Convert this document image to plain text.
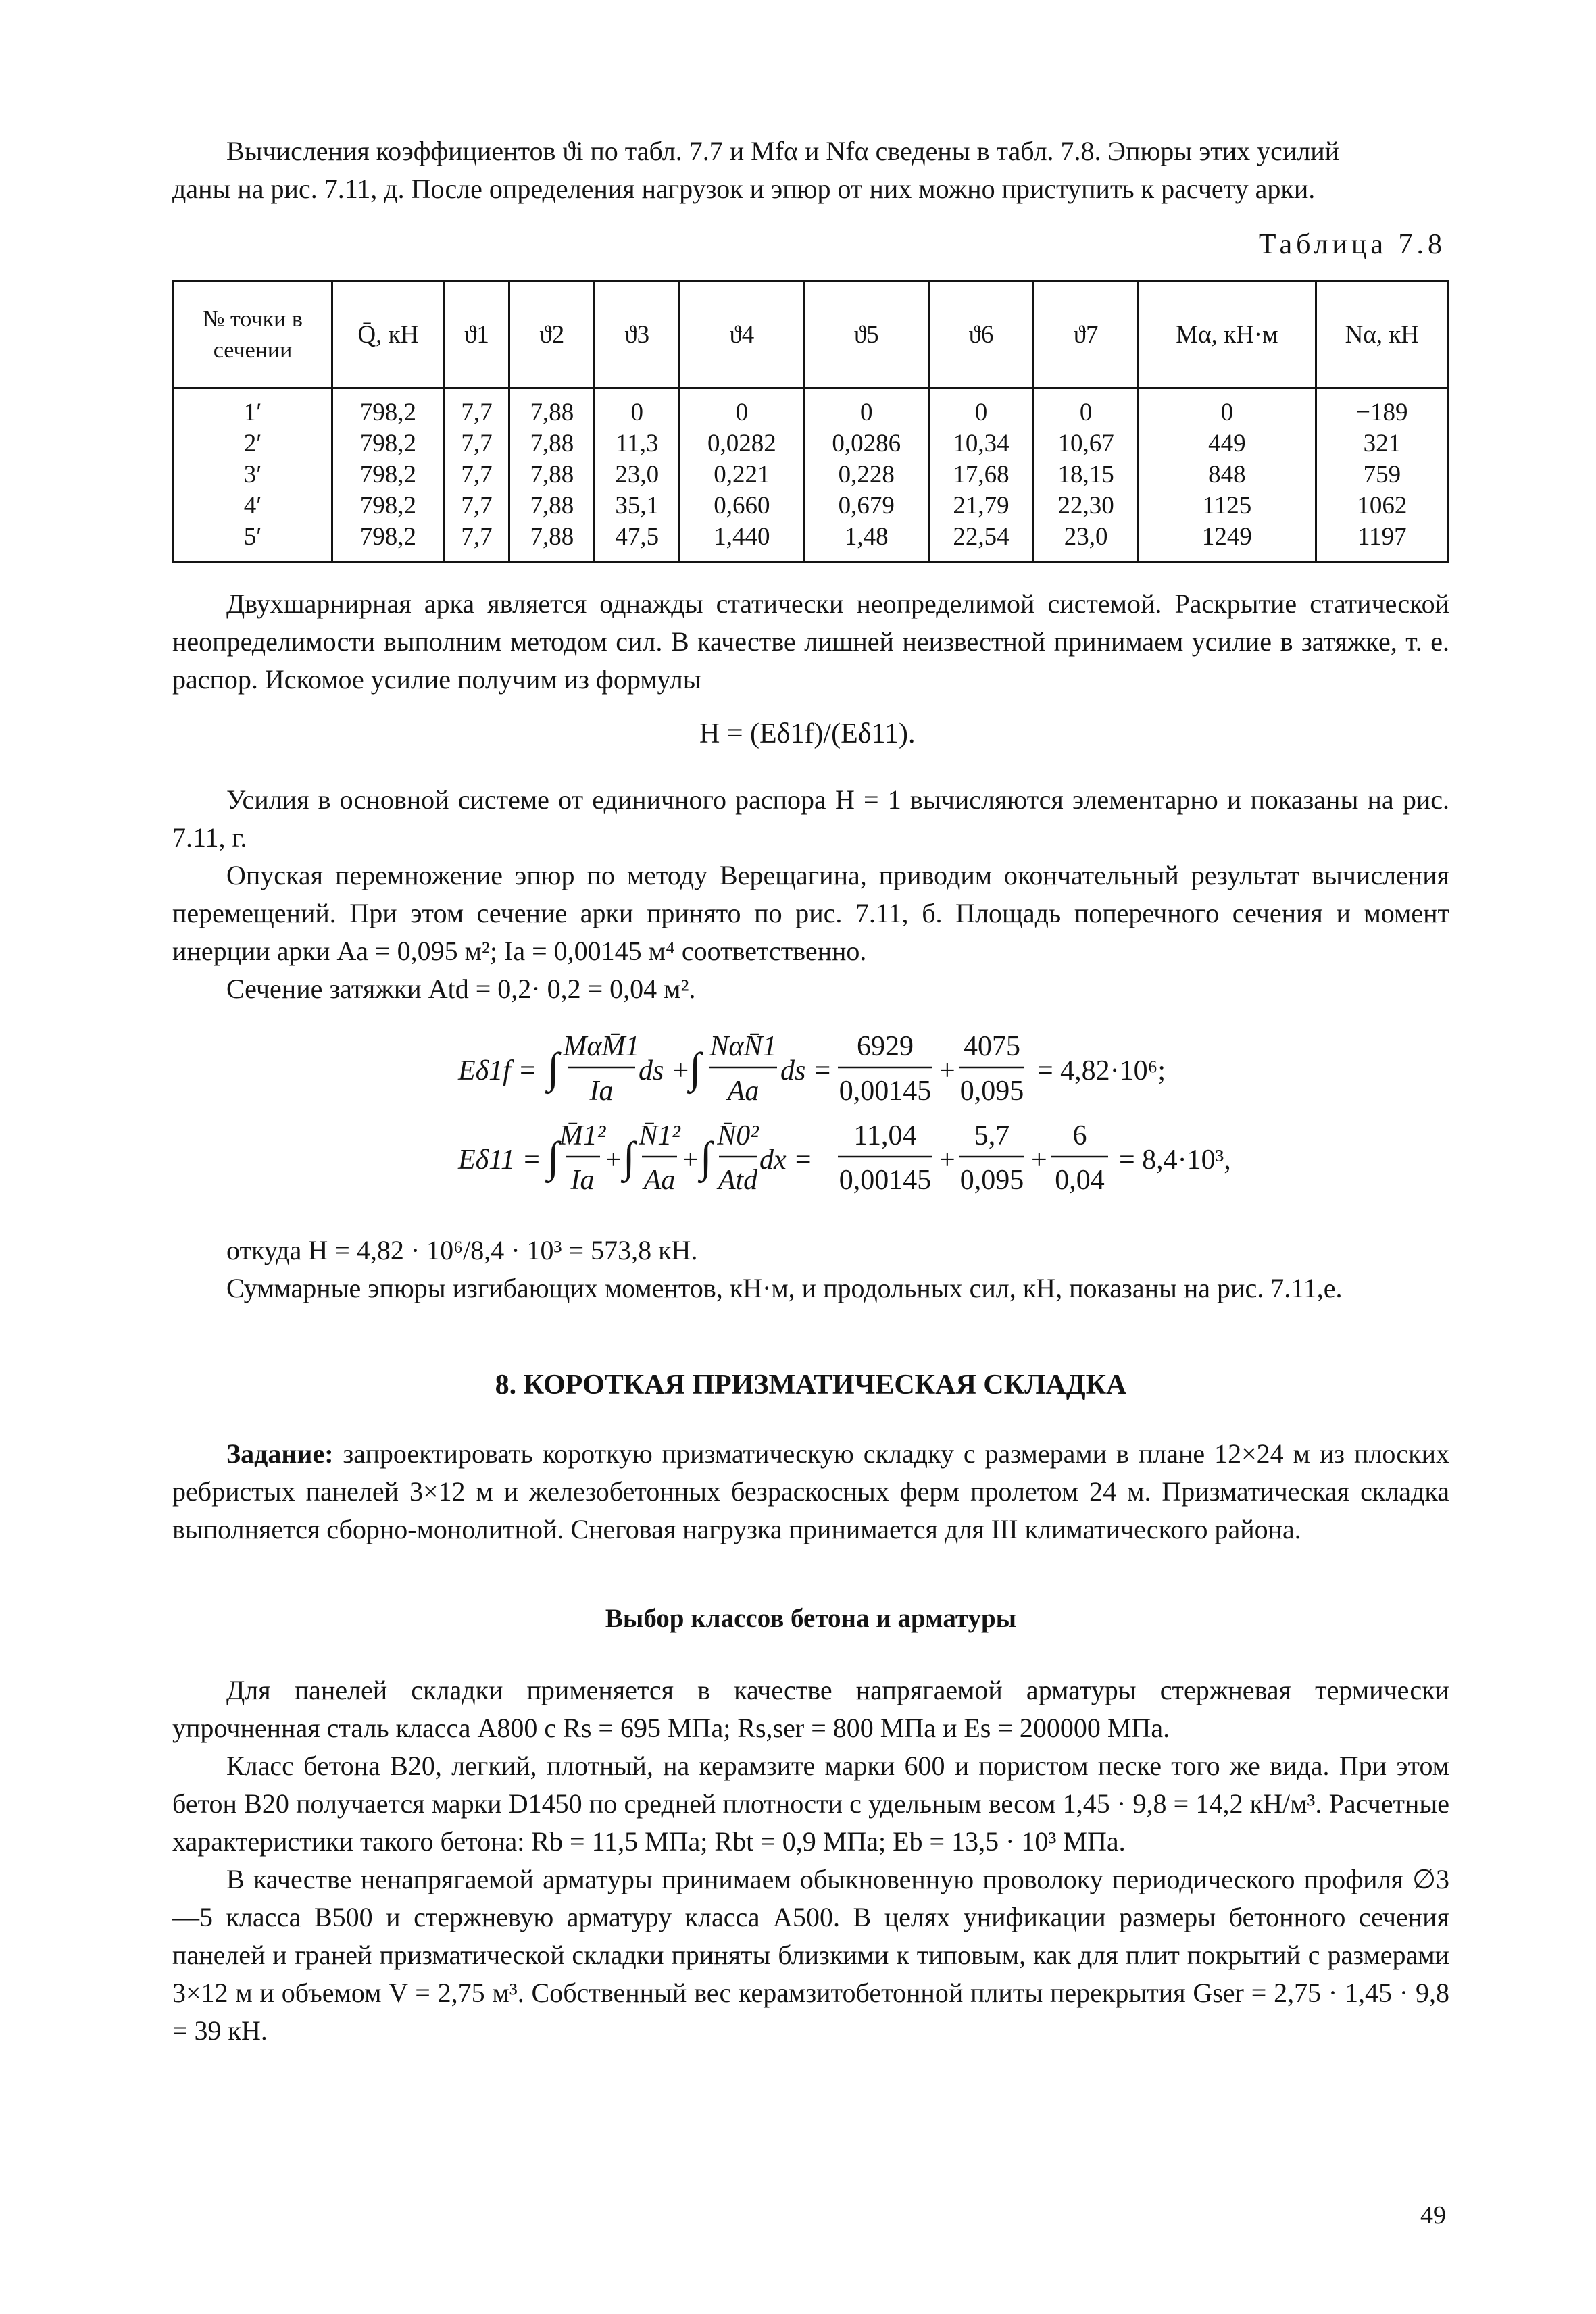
Вычисления коэффициентов ϑi по табл. 7.7 и Mfα и Nfα сведены в табл. 7.8. Эпюры этих усилий

даны на рис. 7.11, д. После определения нагрузок и эпюр от них можно приступить к расчету арки.

Таблица 7.8
№ точки в сечении	Q̄, кН	ϑ1	ϑ2	ϑ3	ϑ4	ϑ5	ϑ6	ϑ7	Mα, кН·м	Nα, кН
1′	798,2	7,7	7,88	0	0	0	0	0	0	−189
2′	798,2	7,7	7,88	11,3	0,0282	0,0286	10,34	10,67	449	321
3′	798,2	7,7	7,88	23,0	0,221	0,228	17,68	18,15	848	759
4′	798,2	7,7	7,88	35,1	0,660	0,679	21,79	22,30	1125	1062
5′	798,2	7,7	7,88	47,5	1,440	1,48	22,54	23,0	1249	1197

Двухшарнирная арка является однажды статически неопределимой системой. Раскрытие статической неопределимости выполним методом сил. В качестве лишней неизвестной принимаем усилие в затяжке, т. е. распор. Искомое усилие получим из формулы

H = (Eδ1f)/(Eδ11).

Усилия в основной системе от единичного распора H = 1 вычисляются элементарно и показаны на рис. 7.11, г.

Опуская перемножение эпюр по методу Верещагина, приводим окончательный результат вычисления перемещений. При этом сечение арки принято по рис. 7.11, б. Площадь поперечного сечения и момент инерции арки Aa = 0,095 м²; Ia = 0,00145 м⁴ соответственно.

Сечение затяжки Atd = 0,2· 0,2 = 0,04 м².

Eδ1f = ∫ MαM̄1
Ia
ds +
∫ NαN̄1
Aa
ds =
6929
0,00145
+
4075
0,095
= 4,82·10⁶;
Eδ11 = ∫ M̄1²
Ia
+ ∫ N̄1²
Aa
+ ∫ N̄0²
Atd
dx =
11,04
0,00145
+
5,7
0,095
+
6
0,04
= 8,4·10³,

откуда H = 4,82 · 10⁶/8,4 · 10³ = 573,8 кН.

Суммарные эпюры изгибающих моментов, кН·м, и продольных сил, кН, показаны на рис. 7.11,е.

8. КОРОТКАЯ ПРИЗМАТИЧЕСКАЯ СКЛАДКА

Задание: запроектировать короткую призматическую складку с размерами в плане 12×24 м из плоских ребристых панелей 3×12 м и железобетонных безраскосных ферм пролетом 24 м. Призматическая складка выполняется сборно-монолитной. Снеговая нагрузка принимается для III климатического района.

Выбор классов бетона и арматуры

Для панелей складки применяется в качестве напрягаемой арматуры стержневая термически упрочненная сталь класса А800 с Rs = 695 МПа; Rs,ser = 800 МПа и Es = 200000 МПа.

Класс бетона В20, легкий, плотный, на керамзите марки 600 и пористом песке того же вида. При этом бетон В20 получается марки D1450 по средней плотности с удельным весом 1,45 · 9,8 = 14,2 кН/м³. Расчетные характеристики такого бетона: Rb = 11,5 МПа; Rbt = 0,9 МПа; Eb = 13,5 · 10³ МПа.

В качестве ненапрягаемой арматуры принимаем обыкновенную проволоку периодического профиля ∅3—5 класса В500 и стержневую арматуру класса А500. В целях унификации размеры бетонного сечения панелей и граней призматической складки приняты близкими к типовым, как для плит покрытий с размерами 3×12 м и объемом V = 2,75 м³. Собственный вес керамзитобетонной плиты перекрытия Gser = 2,75 · 1,45 · 9,8 = 39 кН.

49
